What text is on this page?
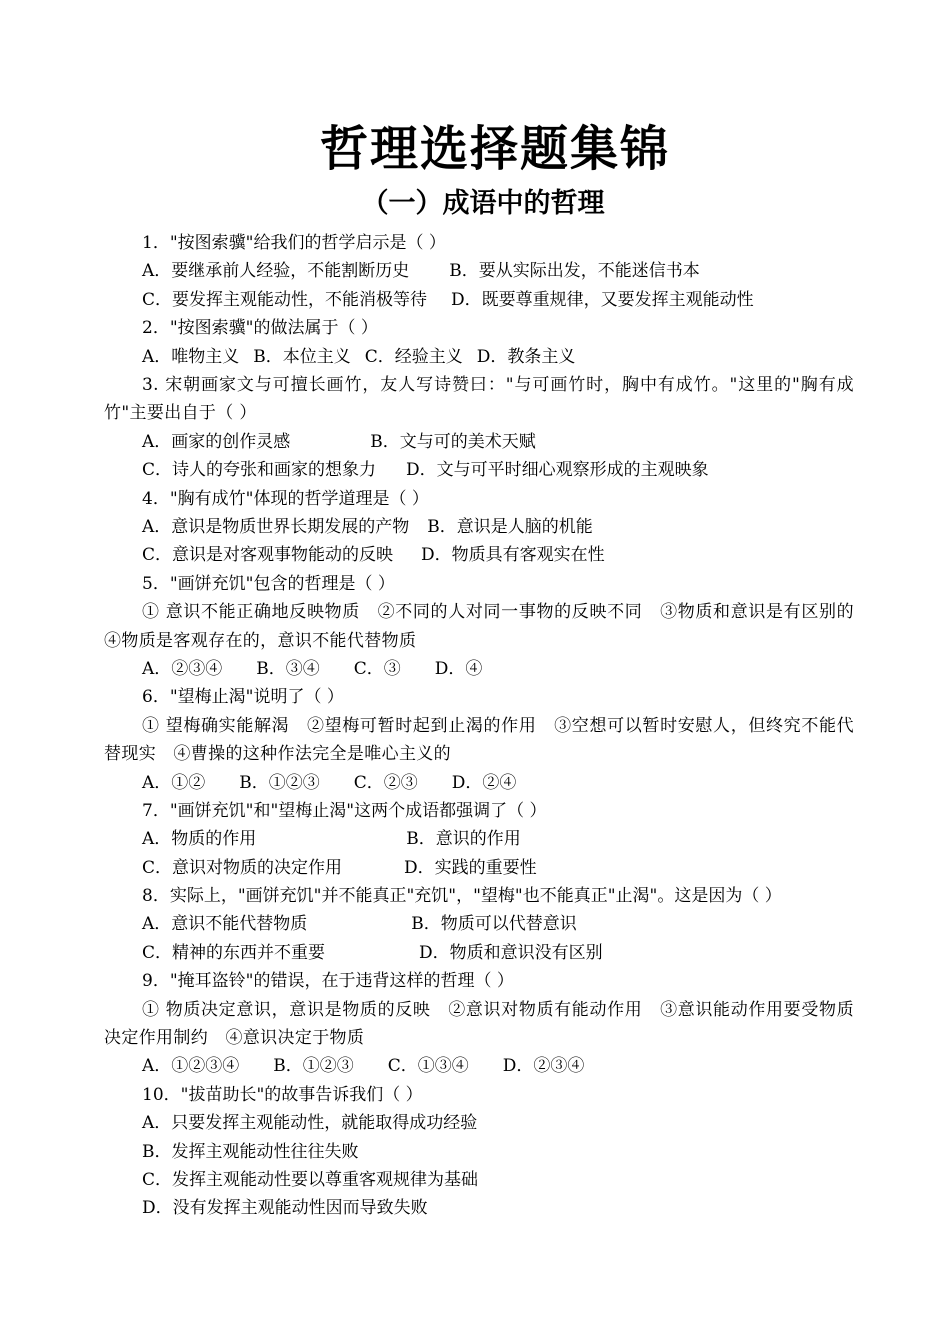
哲理选择题集锦
（一）成语中的哲理
1．"按图索骥"给我们的哲学启示是（ ）
A．要继承前人经验，不能割断历史 B．要从实际出发，不能迷信书本
C．要发挥主观能动性，不能消极等待 D．既要尊重规律，又要发挥主观能动性
2．"按图索骥"的做法属于（ ）
A．唯物主义 B．本位主义 C．经验主义 D．教条主义
3. 宋朝画家文与可擅长画竹，友人写诗赞曰："与可画竹时，胸中有成竹。"这里的"胸有成竹"主要出自于（ ）
A．画家的创作灵感	B．文与可的美术天赋
C．诗人的夸张和画家的想象力 D．文与可平时细心观察形成的主观映象
4．"胸有成竹"体现的哲学道理是（ ）
A．意识是物质世界长期发展的产物 B．意识是人脑的机能
C．意识是对客观事物能动的反映 D．物质具有客观实在性
5．"画饼充饥"包含的哲理是（ ）
① 意识不能正确地反映物质　②不同的人对同一事物的反映不同　③物质和意识是有区别的　④物质是客观存在的，意识不能代替物质
A．②③④ B．③④ C．③ D．④
6．"望梅止渴"说明了（ ）
① 望梅确实能解渴　②望梅可暂时起到止渴的作用　③空想可以暂时安慰人，但终究不能代替现实　④曹操的这种作法完全是唯心主义的
A．①② B．①②③ C．②③ D．②④
7．"画饼充饥"和"望梅止渴"这两个成语都强调了（ ）
A．物质的作用	B．意识的作用
C．意识对物质的决定作用	D．实践的重要性
8．实际上，"画饼充饥"并不能真正"充饥"，"望梅"也不能真正"止渴"。这是因为（ ）
A．意识不能代替物质	B．物质可以代替意识
C．精神的东西并不重要	D．物质和意识没有区别
9．"掩耳盗铃"的错误，在于违背这样的哲理（ ）
① 物质决定意识，意识是物质的反映　②意识对物质有能动作用　③意识能动作用要受物质决定作用制约　④意识决定于物质
A．①②③④ B．①②③ C．①③④ D．②③④
10．"拔苗助长"的故事告诉我们（ ）
A．只要发挥主观能动性，就能取得成功经验
B．发挥主观能动性往往失败
C．发挥主观能动性要以尊重客观规律为基础
D．没有发挥主观能动性因而导致失败
